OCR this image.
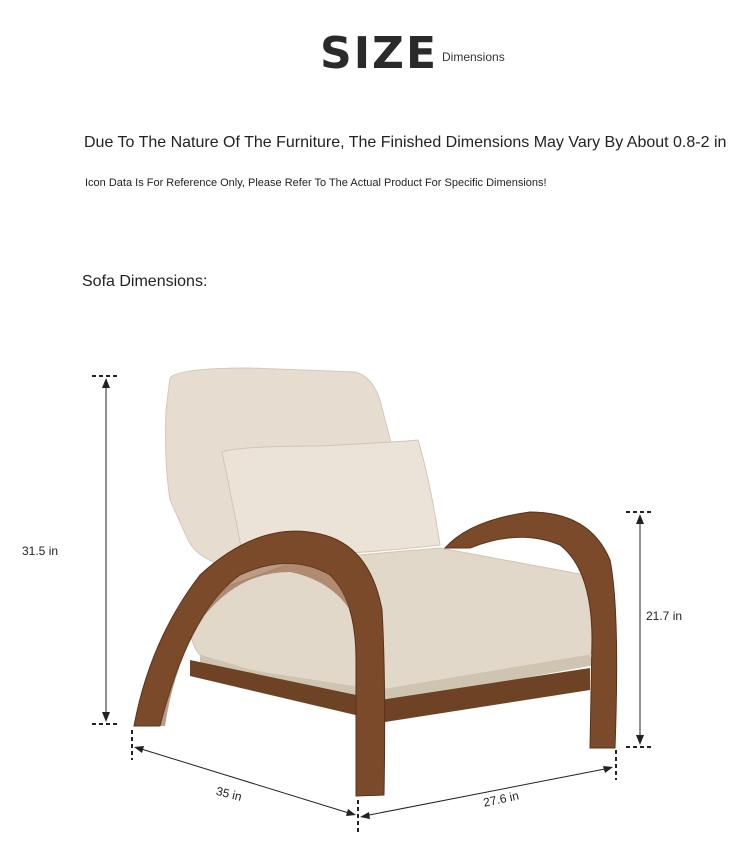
SIZE Dimensions
Due To The Nature Of The Furniture, The Finished Dimensions May Vary By About 0.8-2 in
Icon Data Is For Reference Only, Please Refer To The Actual Product For Specific Dimensions!
Sofa Dimensions:
31.5 in
21.7 in
35 in	27.6 in
